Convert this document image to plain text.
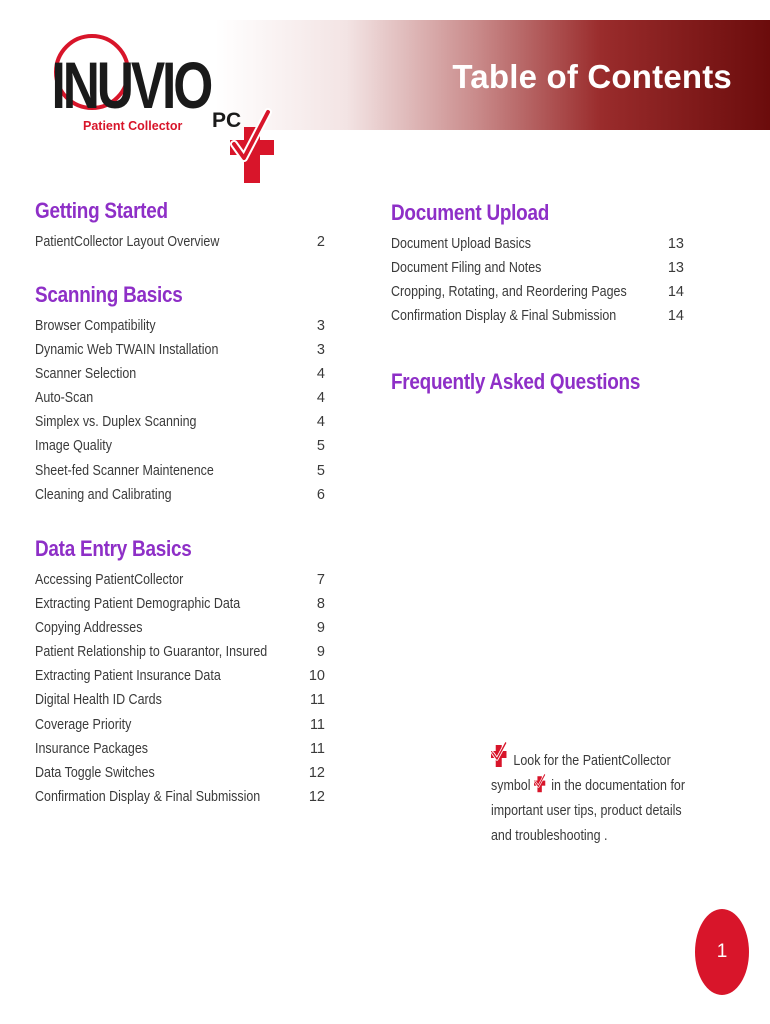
Table of Contents
INUVIO PC
Patient Collector
Getting Started
PatientCollector Layout Overview	2
Scanning Basics
Browser Compatibility	3
Dynamic Web TWAIN Installation	3
Scanner Selection	4
Auto-Scan	4
Simplex vs. Duplex Scanning	4
Image Quality	5
Sheet-fed Scanner Maintenence	5
Cleaning and Calibrating	6
Data Entry Basics
Accessing PatientCollector	7
Extracting Patient Demographic Data	8
Copying Addresses	9
Patient Relationship to Guarantor, Insured	9
Extracting Patient Insurance Data	10
Digital Health ID Cards	11
Coverage Priority	11
Insurance Packages	11
Data Toggle Switches	12
Confirmation Display & Final Submission	12
Document Upload
Document Upload Basics	13
Document Filing and Notes	13
Cropping, Rotating, and Reordering Pages	14
Confirmation Display & Final Submission	14
Frequently Asked Questions
Look for the PatientCollector
symbol in the documentation for
important user tips, product details
and troubleshooting .
1
